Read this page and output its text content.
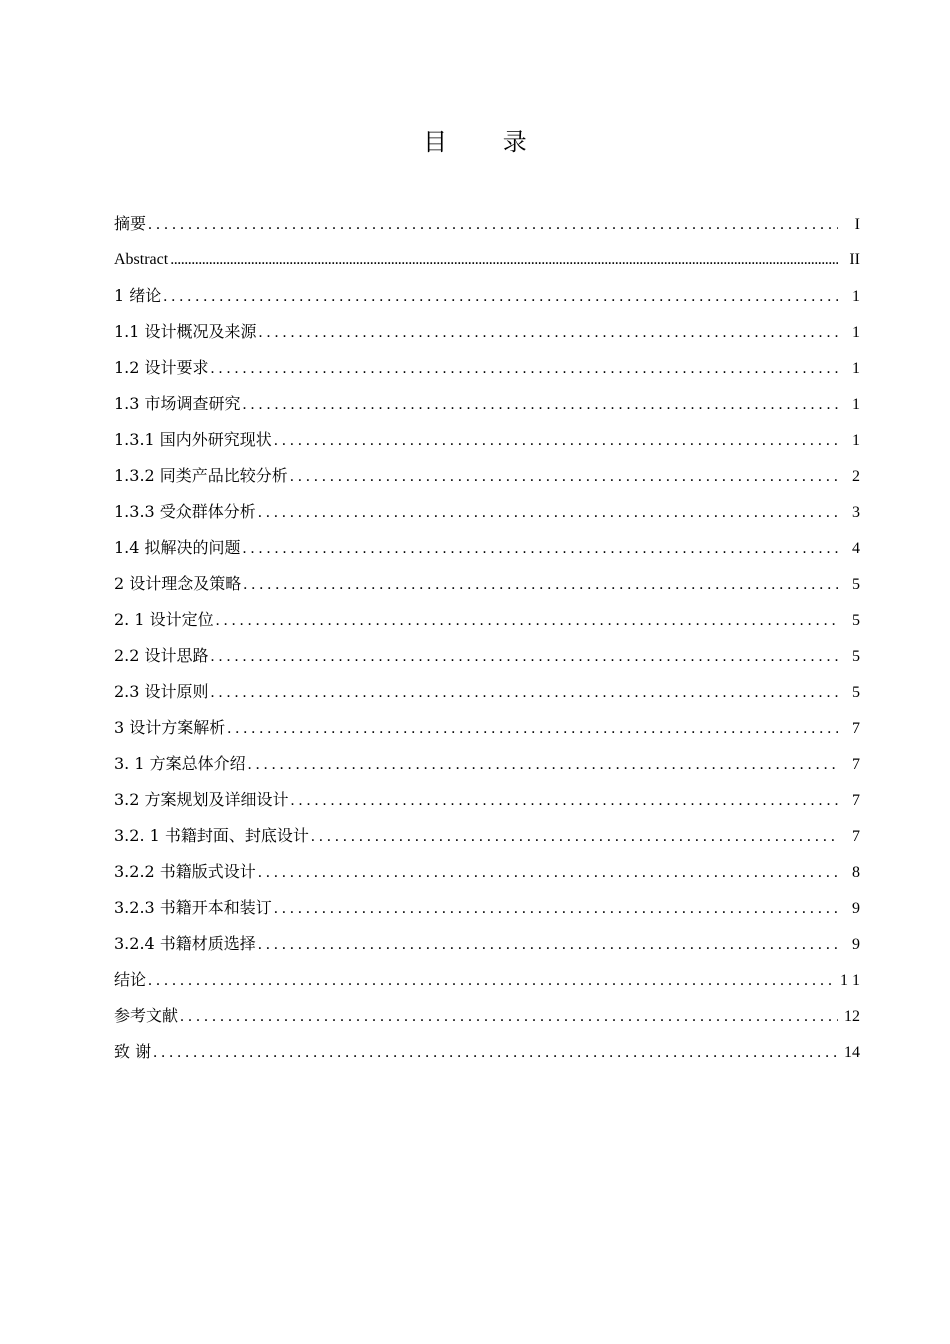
目 录
摘要 . . .	I
Abstract .....	II
1 绪论 . . .	1
1.1 设计概况及来源 . . .	1
1.2 设计要求 . . .	1
1.3 市场调查研究 . . .	1
1.3.1 国内外研究现状 . . .	1
1.3.2 同类产品比较分析 . . .	2
1.3.3 受众群体分析 . . .	3
1.4 拟解决的问题 . . .	4
2 设计理念及策略 . . .	5
2. 1 设计定位 . . .	5
2.2 设计思路 . . .	5
2.3 设计原则 . . .	5
3 设计方案解析 . . .	7
3. 1 方案总体介绍 . . .	7
3.2 方案规划及详细设计 . . .	7
3.2. 1 书籍封面、封底设计 . . .	7
3.2.2 书籍版式设计 . . .	8
3.2.3 书籍开本和装订 . . .	9
3.2.4 书籍材质选择 . . .	9
结论 . . .	1 1
参考文献 . . .	12
致 谢 . . .	14
